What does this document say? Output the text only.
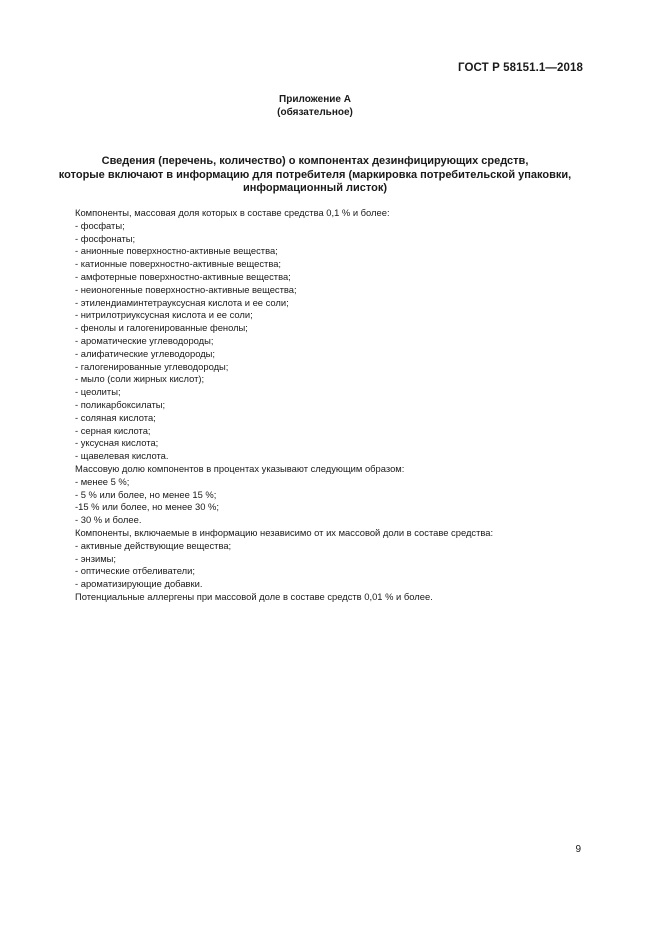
ГОСТ Р 58151.1—2018
Приложение А
(обязательное)
Сведения (перечень, количество) о компонентах дезинфицирующих средств,
которые включают в информацию для потребителя (маркировка потребительской упаковки,
информационный листок)
Компоненты, массовая доля которых в составе средства 0,1 % и более:
- фосфаты;
- фосфонаты;
- анионные поверхностно-активные вещества;
- катионные поверхностно-активные вещества;
- амфотерные поверхностно-активные вещества;
- неионогенные поверхностно-активные вещества;
- этилендиаминтетрауксусная кислота и ее соли;
- нитрилотриуксусная кислота и ее соли;
- фенолы и галогенированные фенолы;
- ароматические углеводороды;
- алифатические углеводороды;
- галогенированные углеводороды;
- мыло (соли жирных кислот);
- цеолиты;
- поликарбоксилаты;
- соляная кислота;
- серная кислота;
- уксусная кислота;
- щавелевая кислота.
Массовую долю компонентов в процентах указывают следующим образом:
- менее 5 %;
- 5 % или более, но менее 15 %;
-15 % или более, но менее 30 %;
- 30 % и более.
Компоненты, включаемые в информацию независимо от их массовой доли в составе средства:
- активные действующие вещества;
- энзимы;
- оптические отбеливатели;
- ароматизирующие добавки.
Потенциальные аллергены при массовой доле в составе средств 0,01 % и более.
9
